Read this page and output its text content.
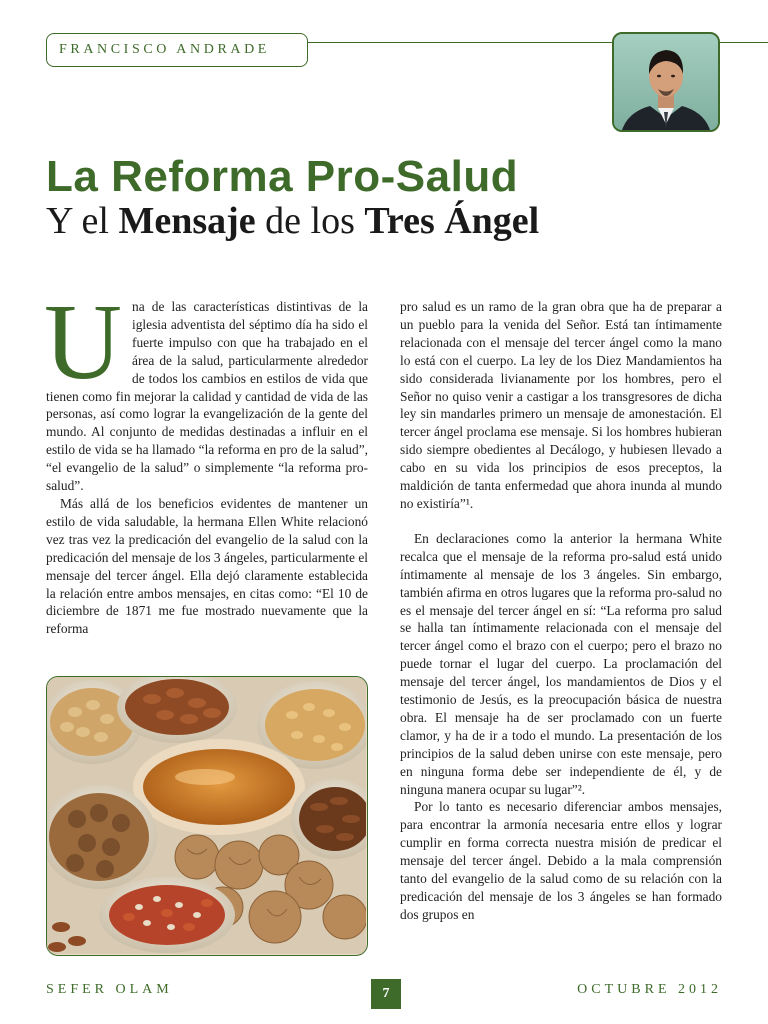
FRANCISCO ANDRADE
La Reforma Pro-Salud
Y el Mensaje de los Tres Ángel
U na de las características distintivas de la iglesia adventista del séptimo día ha sido el fuerte impulso con que ha trabajado en el área de la salud, particularmente alrededor de todos los cambios en estilos de vida que tienen como fin mejorar la calidad y cantidad de vida de las personas, así como lograr la evangelización de la gente del mundo. Al conjunto de medidas destinadas a influir en el estilo de vida se ha llamado “la reforma en pro de la salud”, “el evangelio de la salud” o simplemente “la reforma pro-salud”.

Más allá de los beneficios evidentes de mantener un estilo de vida saludable, la hermana Ellen White relacionó vez tras vez la predicación del evangelio de la salud con la predicación del mensaje de los 3 ángeles, particularmente el mensaje del tercer ángel. Ella dejó claramente establecida la relación entre ambos mensajes, en citas como: “El 10 de diciembre de 1871 me fue mostrado nuevamente que la reforma

pro salud es un ramo de la gran obra que ha de preparar a un pueblo para la venida del Señor. Está tan íntimamente relacionada con el mensaje del tercer ángel como la mano lo está con el cuerpo. La ley de los Diez Mandamientos ha sido considerada livianamente por los hombres, pero el Señor no quiso venir a castigar a los transgresores de dicha ley sin mandarles primero un mensaje de amonestación. El tercer ángel proclama ese mensaje. Si los hombres hubieran sido siempre obedientes al Decálogo, y hubiesen llevado a cabo en su vida los principios de esos preceptos, la maldición de tanta enfermedad que ahora inunda al mundo no existiría”¹.

En declaraciones como la anterior la hermana White recalca que el mensaje de la reforma pro-salud está unido íntimamente al mensaje de los 3 ángeles. Sin embargo, también afirma en otros lugares que la reforma pro-salud no es el mensaje del tercer ángel en sí: “La reforma pro salud se halla tan íntimamente relacionada con el mensaje del tercer ángel como el brazo con el cuerpo; pero el brazo no puede tornar el lugar del cuerpo. La proclamación del mensaje del tercer ángel, los mandamientos de Dios y el testimonio de Jesús, es la preocupación básica de nuestra obra. El mensaje ha de ser proclamado con un fuerte clamor, y ha de ir a todo el mundo. La presentación de los principios de la salud deben unirse con este mensaje, pero en ninguna forma debe ser independiente de él, y de ninguna manera ocupar su lugar”².

Por lo tanto es necesario diferenciar ambos mensajes, para encontrar la armonía necesaria entre ellos y lograr cumplir en forma correcta nuestra misión de predicar el mensaje del tercer ángel. Debido a la mala comprensión tanto del evangelio de la salud como de su relación con la predicación del mensaje de los 3 ángeles se han formado dos grupos en

SEFER OLAM	7	OCTUBRE 2012
